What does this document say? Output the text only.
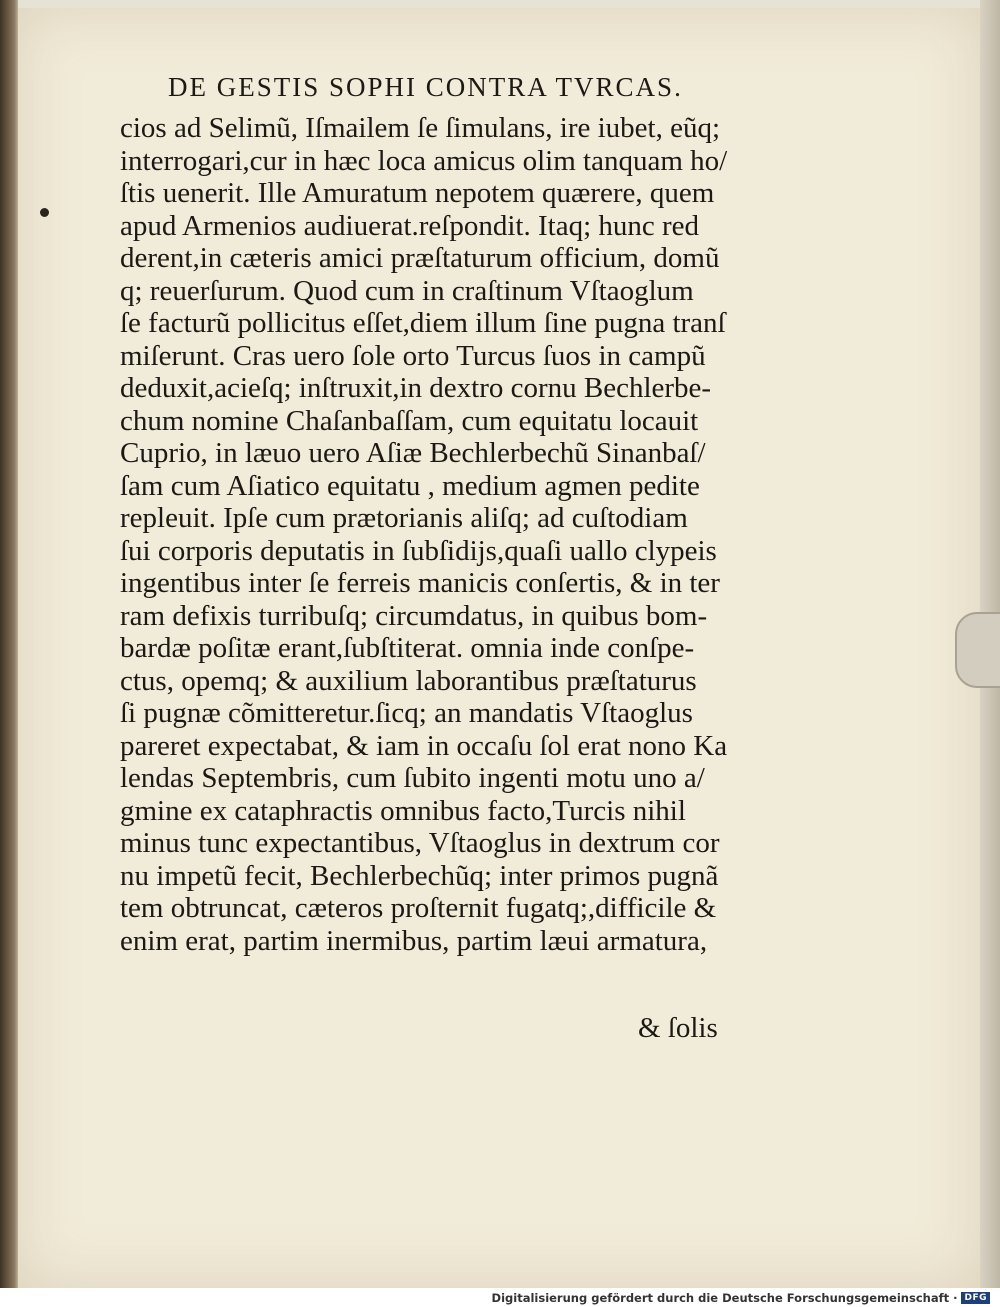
DE GESTIS SOPHI CONTRA TVRCAS.
cios ad Selimũ, Iſmailem ſe ſimulans, ire iubet, eũq;
interrogari,cur in hæc loca amicus olim tanquam ho/
ſtis uenerit. Ille Amuratum nepotem quærere, quem
apud Armenios audiuerat.reſpondit. Itaq; hunc red
derent,in cæteris amici præſtaturum officium, domũ
q; reuerſurum. Quod cum in craſtinum Vſtaoglum
ſe facturũ pollicitus eſſet,diem illum ſine pugna tranſ
miſerunt. Cras uero ſole orto Turcus ſuos in campũ
deduxit,acieſq; inſtruxit,in dextro cornu Bechlerbe-
chum nomine Chaſanbaſſam, cum equitatu locauit
Cuprio, in læuo uero Aſiæ Bechlerbechũ Sinanbaſ/
ſam cum Aſiatico equitatu , medium agmen pedite
repleuit. Ipſe cum prætorianis aliſq; ad cuſtodiam
ſui corporis deputatis in ſubſidijs,quaſi uallo clypeis
ingentibus inter ſe ferreis manicis conſertis, & in ter
ram defixis turribuſq; circumdatus, in quibus bom-
bardæ poſitæ erant,ſubſtiterat. omnia inde conſpe-
ctus, opemq; & auxilium laborantibus præſtaturus
ſi pugnæ cõmitteretur.ſicq; an mandatis Vſtaoglus
pareret expectabat, & iam in occaſu ſol erat nono Ka
lendas Septembris, cum ſubito ingenti motu uno a/
gmine ex cataphractis omnibus facto,Turcis nihil
minus tunc expectantibus, Vſtaoglus in dextrum cor
nu impetũ fecit, Bechlerbechũq; inter primos pugnã
tem obtruncat, cæteros proſternit fugatq;,difficile &
enim erat, partim inermibus, partim læui armatura,
& ſolis
Digitalisierung gefördert durch die Deutsche Forschungsgemeinschaft · DFG
